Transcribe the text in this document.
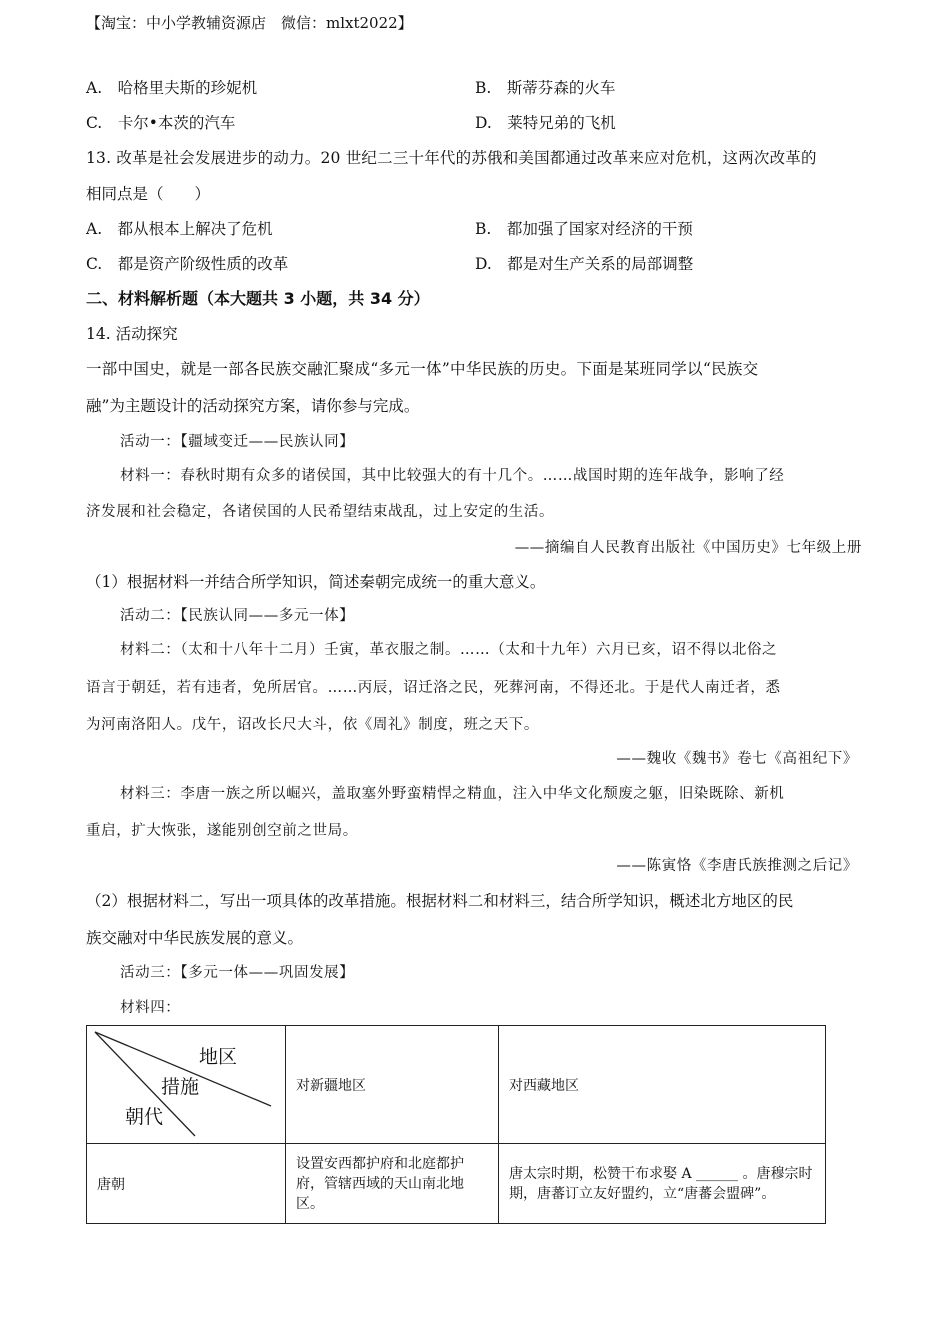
【淘宝：中小学教辅资源店　微信：mlxt2022】
A.　哈格里夫斯的珍妮机	B.　斯蒂芬森的火车
C.　卡尔•本茨的汽车	D.　莱特兄弟的飞机
13. 改革是社会发展进步的动力。20 世纪二三十年代的苏俄和美国都通过改革来应对危机，这两次改革的
相同点是（　　）
A.　都从根本上解决了危机	B.　都加强了国家对经济的干预
C.　都是资产阶级性质的改革	D.　都是对生产关系的局部调整
二、材料解析题（本大题共 3 小题，共 34 分）
14. 活动探究
一部中国史，就是一部各民族交融汇聚成“多元一体”中华民族的历史。下面是某班同学以“民族交
融”为主题设计的活动探究方案，请你参与完成。
活动一：【疆域变迁——民族认同】
材料一：春秋时期有众多的诸侯国，其中比较强大的有十几个。……战国时期的连年战争，影响了经
济发展和社会稳定，各诸侯国的人民希望结束战乱，过上安定的生活。
——摘编自人民教育出版社《中国历史》七年级上册
（1）根据材料一并结合所学知识，简述秦朝完成统一的重大意义。
活动二：【民族认同——多元一体】
材料二：（太和十八年十二月）壬寅，革衣服之制。……（太和十九年）六月已亥，诏不得以北俗之
语言于朝廷，若有违者，免所居官。……丙辰，诏迁洛之民，死葬河南，不得还北。于是代人南迁者，悉
为河南洛阳人。戊午，诏改长尺大斗，依《周礼》制度，班之天下。
——魏收《魏书》卷七《高祖纪下》
材料三：李唐一族之所以崛兴，盖取塞外野蛮精悍之精血，注入中华文化颓废之躯，旧染既除、新机
重启，扩大恢张，遂能别创空前之世局。
——陈寅恪《李唐氏族推测之后记》
（2）根据材料二，写出一项具体的改革措施。根据材料二和材料三，结合所学知识，概述北方地区的民
族交融对中华民族发展的意义。
活动三：【多元一体——巩固发展】
材料四：
地区
措施
朝代	对新疆地区	对西藏地区
唐朝	设置安西都护府和北庭都护府，管辖西域的天山南北地区。	唐太宗时期，松赞干布求娶 A ______ 。唐穆宗时期，唐蕃订立友好盟约，立“唐蕃会盟碑”。
